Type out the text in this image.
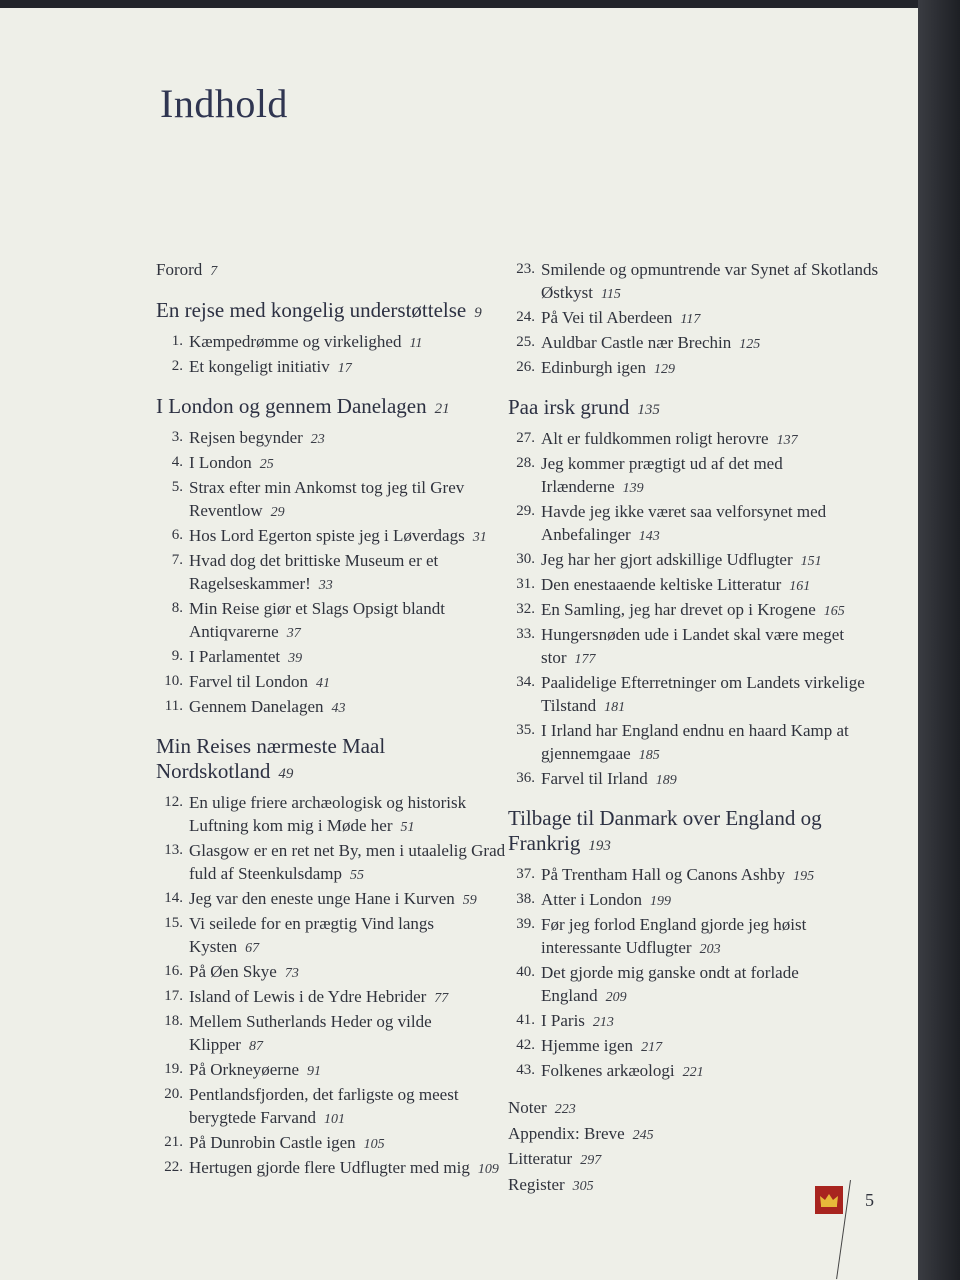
Indhold
Forord 7
En rejse med kongelig understøttelse 9
1. Kæmpedrømme og virkelighed 11
2. Et kongeligt initiativ 17
I London og gennem Danelagen 21
3. Rejsen begynder 23
4. I London 25
5. Strax efter min Ankomst tog jeg til Grev Reventlow 29
6. Hos Lord Egerton spiste jeg i Løverdags 31
7. Hvad dog det brittiske Museum er et Ragelseskammer! 33
8. Min Reise giør et Slags Opsigt blandt Antiqvarerne 37
9. I Parlamentet 39
10. Farvel til London 41
11. Gennem Danelagen 43
Min Reises nærmeste Maal Nordskotland 49
12. En ulige friere archæologisk og historisk Luftning kom mig i Møde her 51
13. Glasgow er en ret net By, men i utaalelig Grad fuld af Steenkulsdamp 55
14. Jeg var den eneste unge Hane i Kurven 59
15. Vi seilede for en prægtig Vind langs Kysten 67
16. På Øen Skye 73
17. Island of Lewis i de Ydre Hebrider 77
18. Mellem Sutherlands Heder og vilde Klipper 87
19. På Orkneyøerne 91
20. Pentlandsfjorden, det farligste og meest berygtede Farvand 101
21. På Dunrobin Castle igen 105
22. Hertugen gjorde flere Udflugter med mig 109
23. Smilende og opmuntrende var Synet af Skotlands Østkyst 115
24. På Vei til Aberdeen 117
25. Auldbar Castle nær Brechin 125
26. Edinburgh igen 129
Paa irsk grund 135
27. Alt er fuldkommen roligt herovre 137
28. Jeg kommer prægtigt ud af det med Irlænderne 139
29. Havde jeg ikke været saa velforsynet med Anbefalinger 143
30. Jeg har her gjort adskillige Udflugter 151
31. Den enestaaende keltiske Litteratur 161
32. En Samling, jeg har drevet op i Krogene 165
33. Hungersnøden ude i Landet skal være meget stor 177
34. Paalidelige Efterretninger om Landets virkelige Tilstand 181
35. I Irland har England endnu en haard Kamp at gjennemgaae 185
36. Farvel til Irland 189
Tilbage til Danmark over England og Frankrig 193
37. På Trentham Hall og Canons Ashby 195
38. Atter i London 199
39. Før jeg forlod England gjorde jeg høist interessante Udflugter 203
40. Det gjorde mig ganske ondt at forlade England 209
41. I Paris 213
42. Hjemme igen 217
43. Folkenes arkæologi 221
Noter 223
Appendix: Breve 245
Litteratur 297
Register 305
5
